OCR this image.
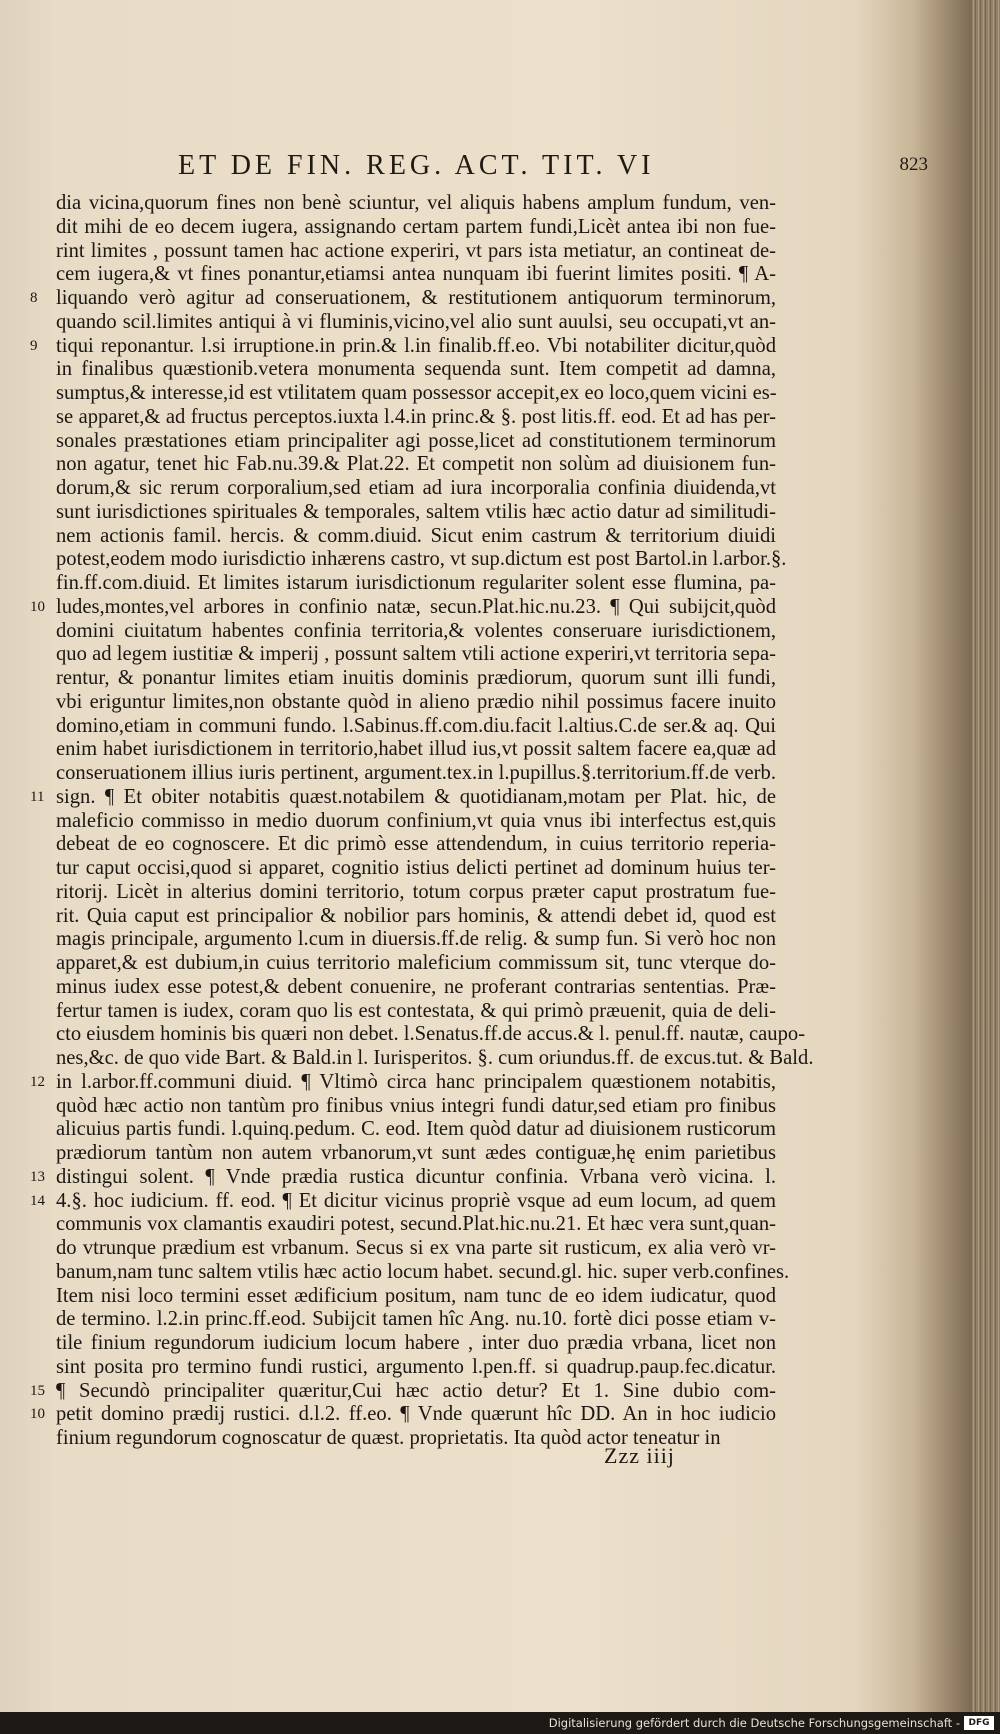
ET DE FIN. REG. ACT. TIT. VI	823
dia vicina,quorum fines non benè sciuntur, vel aliquis habens amplum fundum, ven-
dit mihi de eo decem iugera, assignando certam partem fundi,Licèt antea ibi non fue-
rint limites , possunt tamen hac actione experiri, vt pars ista metiatur, an contineat de-
cem iugera,& vt fines ponantur,etiamsi antea nunquam ibi fuerint limites positi. ¶ A-
8 liquando verò agitur ad conseruationem, & restitutionem antiquorum terminorum,
quando scil.limites antiqui à vi fluminis,vicino,vel alio sunt auulsi, seu occupati,vt an-
9 tiqui reponantur. l.si irruptione.in prin.& l.in finalib.ff.eo. Vbi notabiliter dicitur,quòd
in finalibus quæstionib.vetera monumenta sequenda sunt. Item competit ad damna,
sumptus,& interesse,id est vtilitatem quam possessor accepit,ex eo loco,quem vicini es-
se apparet,& ad fructus perceptos.iuxta l.4.in princ.& §. post litis.ff. eod. Et ad has per-
sonales præstationes etiam principaliter agi posse,licet ad constitutionem terminorum
non agatur, tenet hic Fab.nu.39.& Plat.22. Et competit non solùm ad diuisionem fun-
dorum,& sic rerum corporalium,sed etiam ad iura incorporalia confinia diuidenda,vt
sunt iurisdictiones spirituales & temporales, saltem vtilis hæc actio datur ad similitudi-
nem actionis famil. hercis. & comm.diuid. Sicut enim castrum & territorium diuidi
potest,eodem modo iurisdictio inhærens castro, vt sup.dictum est post Bartol.in l.arbor.§.
fin.ff.com.diuid. Et limites istarum iurisdictionum regulariter solent esse flumina, pa-
10 ludes,montes,vel arbores in confinio natæ, secun.Plat.hic.nu.23. ¶ Qui subijcit,quòd
domini ciuitatum habentes confinia territoria,& volentes conseruare iurisdictionem,
quo ad legem iustitiæ & imperij , possunt saltem vtili actione experiri,vt territoria sepa-
rentur, & ponantur limites etiam inuitis dominis prædiorum, quorum sunt illi fundi,
vbi eriguntur limites,non obstante quòd in alieno prædio nihil possimus facere inuito
domino,etiam in communi fundo. l.Sabinus.ff.com.diu.facit l.altius.C.de ser.& aq. Qui
enim habet iurisdictionem in territorio,habet illud ius,vt possit saltem facere ea,quæ ad
conseruationem illius iuris pertinent, argument.tex.in l.pupillus.§.territorium.ff.de verb.
11 sign. ¶ Et obiter notabitis quæst.notabilem & quotidianam,motam per Plat. hic, de
maleficio commisso in medio duorum confinium,vt quia vnus ibi interfectus est,quis
debeat de eo cognoscere. Et dic primò esse attendendum, in cuius territorio reperia-
tur caput occisi,quod si apparet, cognitio istius delicti pertinet ad dominum huius ter-
ritorij. Licèt in alterius domini territorio, totum corpus præter caput prostratum fue-
rit. Quia caput est principalior & nobilior pars hominis, & attendi debet id, quod est
magis principale, argumento l.cum in diuersis.ff.de relig. & sump fun. Si verò hoc non
apparet,& est dubium,in cuius territorio maleficium commissum sit, tunc vterque do-
minus iudex esse potest,& debent conuenire, ne proferant contrarias sententias. Præ-
fertur tamen is iudex, coram quo lis est contestata, & qui primò præuenit, quia de deli-
cto eiusdem hominis bis quæri non debet. l.Senatus.ff.de accus.& l. penul.ff. nautæ, caupo-
nes,&c. de quo vide Bart. & Bald.in l. Iurisperitos. §. cum oriundus.ff. de excus.tut. & Bald.
12 in l.arbor.ff.communi diuid. ¶ Vltimò circa hanc principalem quæstionem notabitis,
quòd hæc actio non tantùm pro finibus vnius integri fundi datur,sed etiam pro finibus
alicuius partis fundi. l.quinq.pedum. C. eod. Item quòd datur ad diuisionem rusticorum
prædiorum tantùm non autem vrbanorum,vt sunt ædes contiguæ,hę enim parietibus
13 distingui solent. ¶ Vnde prædia rustica dicuntur confinia. Vrbana verò vicina. l.
14 4.§. hoc iudicium. ff. eod. ¶ Et dicitur vicinus propriè vsque ad eum locum, ad quem
communis vox clamantis exaudiri potest, secund.Plat.hic.nu.21. Et hæc vera sunt,quan-
do vtrunque prædium est vrbanum. Secus si ex vna parte sit rusticum, ex alia verò vr-
banum,nam tunc saltem vtilis hæc actio locum habet. secund.gl. hic. super verb.confines.
Item nisi loco termini esset ædificium positum, nam tunc de eo idem iudicatur, quod
de termino. l.2.in princ.ff.eod. Subijcit tamen hîc Ang. nu.10. fortè dici posse etiam v-
tile finium regundorum iudicium locum habere , inter duo prædia vrbana, licet non
sint posita pro termino fundi rustici, argumento l.pen.ff. si quadrup.paup.fec.dicatur.
15 ¶ Secundò principaliter quæritur,Cui hæc actio detur? Et 1. Sine dubio com-
10 petit domino prædij rustici. d.l.2. ff.eo. ¶ Vnde quærunt hîc DD. An in hoc iudicio
finium regundorum cognoscatur de quæst. proprietatis. Ita quòd actor teneatur in
Zzz iiij
Digitalisierung gefördert durch die Deutsche Forschungsgemeinschaft - DFG
